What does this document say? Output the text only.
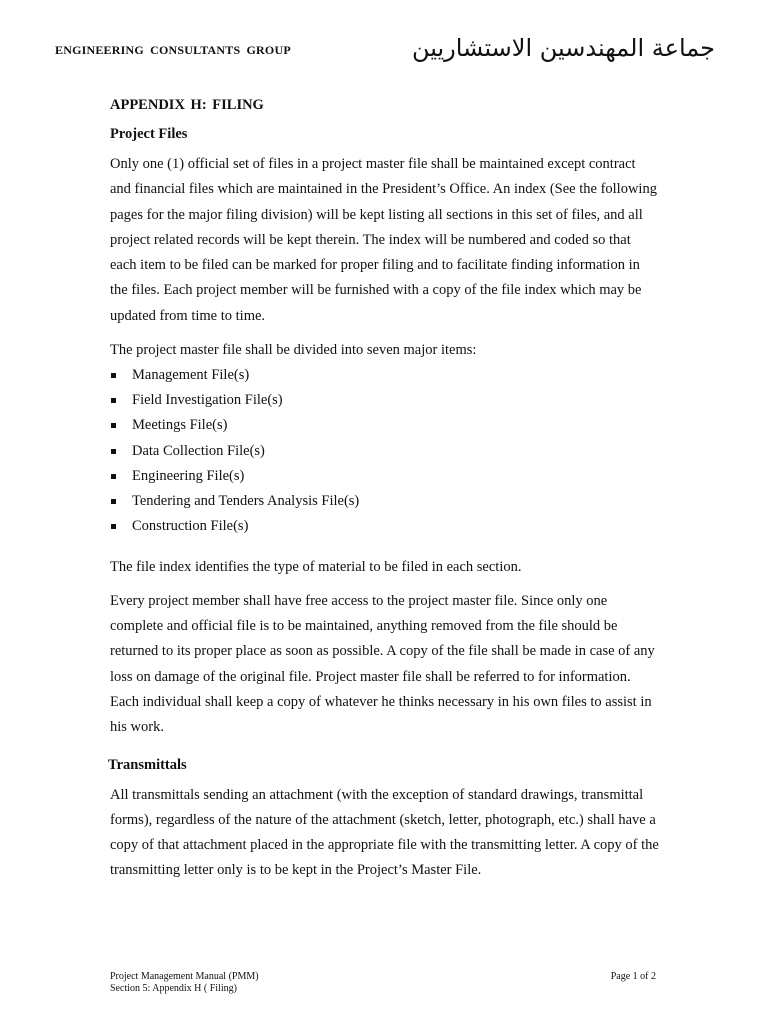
ENGINEERING CONSULTANTS GROUP	جماعة المهندسين الاستشاريين
APPENDIX H: FILING
Project Files

Only one (1) official set of files in a project master file shall be maintained except contract and financial files which are maintained in the President’s Office. An index (See the following pages for the major filing division) will be kept listing all sections in this set of files, and all project related records will be kept therein. The index will be numbered and coded so that each item to be filed can be marked for proper filing and to facilitate finding information in the files. Each project member will be furnished with a copy of the file index which may be updated from time to time.

The project master file shall be divided into seven major items:

Management File(s)
Field Investigation File(s)
Meetings File(s)
Data Collection File(s)
Engineering File(s)
Tendering and Tenders Analysis File(s)
Construction File(s)

The file index identifies the type of material to be filed in each section.

Every project member shall have free access to the project master file. Since only one complete and official file is to be maintained, anything removed from the file should be returned to its proper place as soon as possible. A copy of the file shall be made in case of any loss on damage of the original file. Project master file shall be referred to for information. Each individual shall keep a copy of whatever he thinks necessary in his own files to assist in his work.

Transmittals

All transmittals sending an attachment (with the exception of standard drawings, transmittal forms), regardless of the nature of the attachment (sketch, letter, photograph, etc.) shall have a copy of that attachment placed in the appropriate file with the transmitting letter. A copy of the transmitting letter only is to be kept in the Project’s Master File.

Project Management Manual (PMM)
Section 5: Appendix H ( Filing)
Page 1 of 2
